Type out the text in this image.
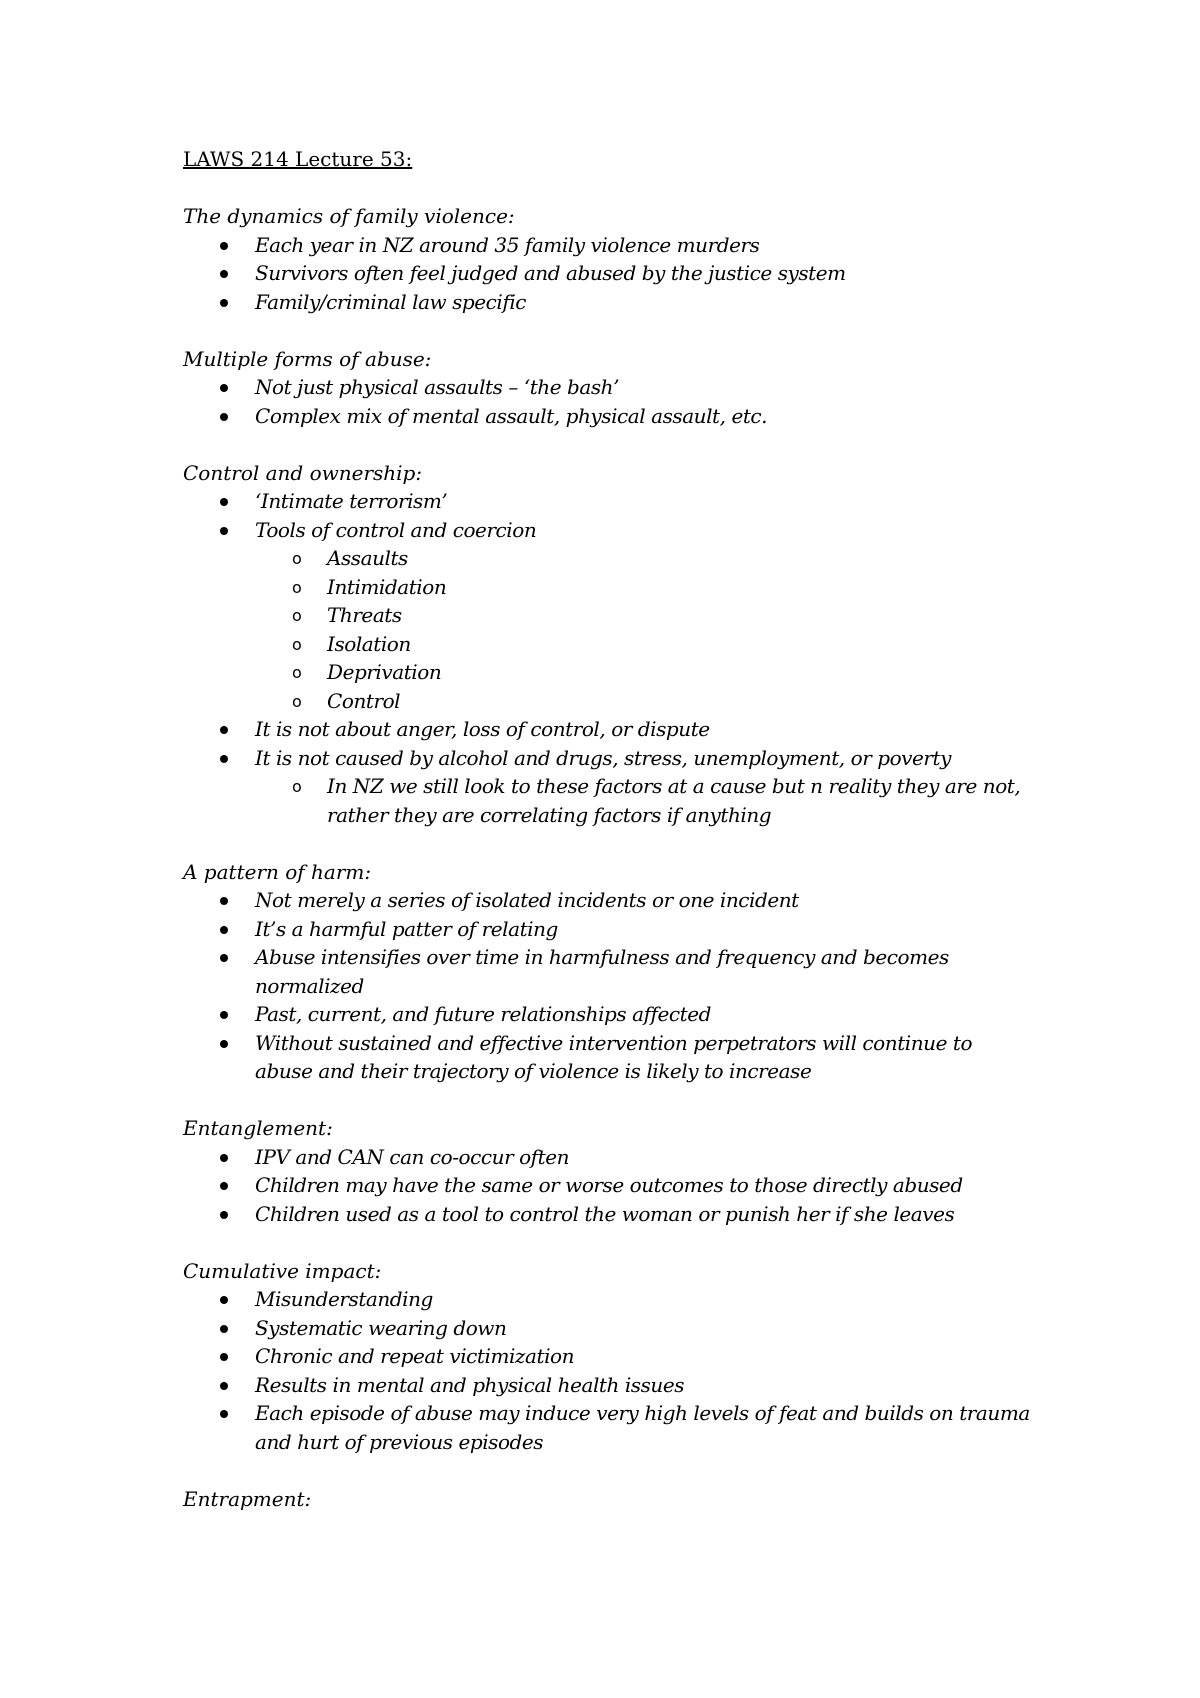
LAWS 214 Lecture 53:
The dynamics of family violence:
Each year in NZ around 35 family violence murders
Survivors often feel judged and abused by the justice system
Family/criminal law specific
Multiple forms of abuse:
Not just physical assaults – ‘the bash’
Complex mix of mental assault, physical assault, etc.
Control and ownership:
‘Intimate terrorism’
Tools of control and coercion
o Assaults
o Intimidation
o Threats
o Isolation
o Deprivation
o Control
It is not about anger, loss of control, or dispute
It is not caused by alcohol and drugs, stress, unemployment, or poverty
o In NZ we still look to these factors at a cause but n reality they are not, rather they are correlating factors if anything
A pattern of harm:
Not merely a series of isolated incidents or one incident
It’s a harmful patter of relating
Abuse intensifies over time in harmfulness and frequency and becomes normalized
Past, current, and future relationships affected
Without sustained and effective intervention perpetrators will continue to abuse and their trajectory of violence is likely to increase
Entanglement:
IPV and CAN can co-occur often
Children may have the same or worse outcomes to those directly abused
Children used as a tool to control the woman or punish her if she leaves
Cumulative impact:
Misunderstanding
Systematic wearing down
Chronic and repeat victimization
Results in mental and physical health issues
Each episode of abuse may induce very high levels of feat and builds on trauma and hurt of previous episodes
Entrapment:
